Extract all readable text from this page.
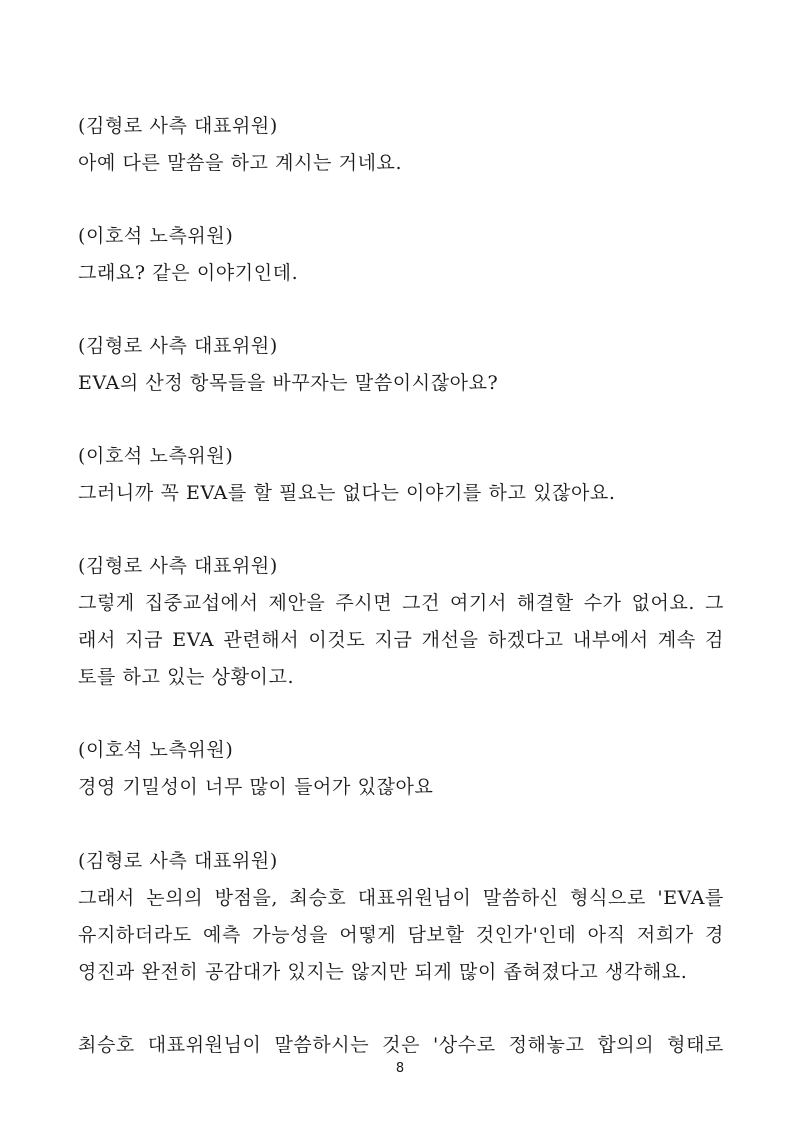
(김형로 사측 대표위원)
아예 다른 말씀을 하고 계시는 거네요.
(이호석 노측위원)
그래요? 같은 이야기인데.
(김형로 사측 대표위원)
EVA의 산정 항목들을 바꾸자는 말씀이시잖아요?
(이호석 노측위원)
그러니까 꼭 EVA를 할 필요는 없다는 이야기를 하고 있잖아요.
(김형로 사측 대표위원)
그렇게 집중교섭에서 제안을 주시면 그건 여기서 해결할 수가 없어요. 그
래서 지금 EVA 관련해서 이것도 지금 개선을 하겠다고 내부에서 계속 검
토를 하고 있는 상황이고.
(이호석 노측위원)
경영 기밀성이 너무 많이 들어가 있잖아요
(김형로 사측 대표위원)
그래서 논의의 방점을, 최승호 대표위원님이 말씀하신 형식으로 'EVA를
유지하더라도 예측 가능성을 어떻게 담보할 것인가'인데 아직 저희가 경
영진과 완전히 공감대가 있지는 않지만 되게 많이 좁혀졌다고 생각해요.
최승호 대표위원님이 말씀하시는 것은 '상수로 정해놓고 합의의 형태로
8
